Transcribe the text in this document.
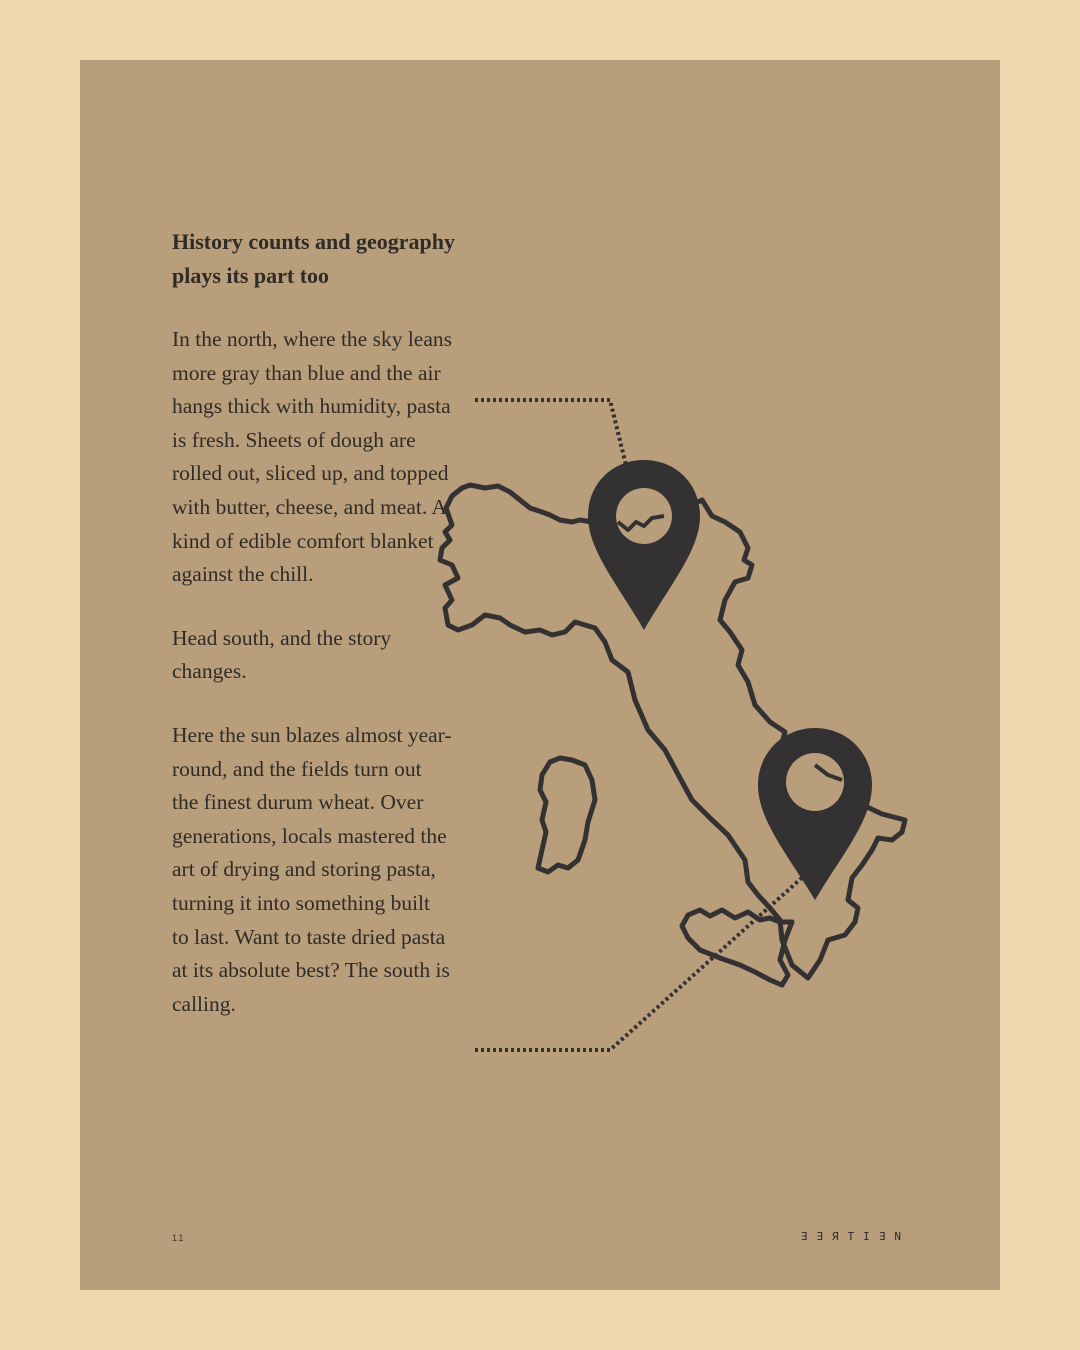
History counts and geography plays its part too

In the north, where the sky leans more gray than blue and the air hangs thick with humidity, pasta is fresh. Sheets of dough are rolled out, sliced up, and topped with butter, cheese, and meat. A kind of edible comfort blanket against the chill.

Head south, and the story changes.

Here the sun blazes almost year-round, and the fields turn out the finest durum wheat. Over generations, locals mastered the art of drying and storing pasta, turning it into something built to last. Want to taste dried pasta at its absolute best? The south is calling.

11	ƎƎЯTIƎN
